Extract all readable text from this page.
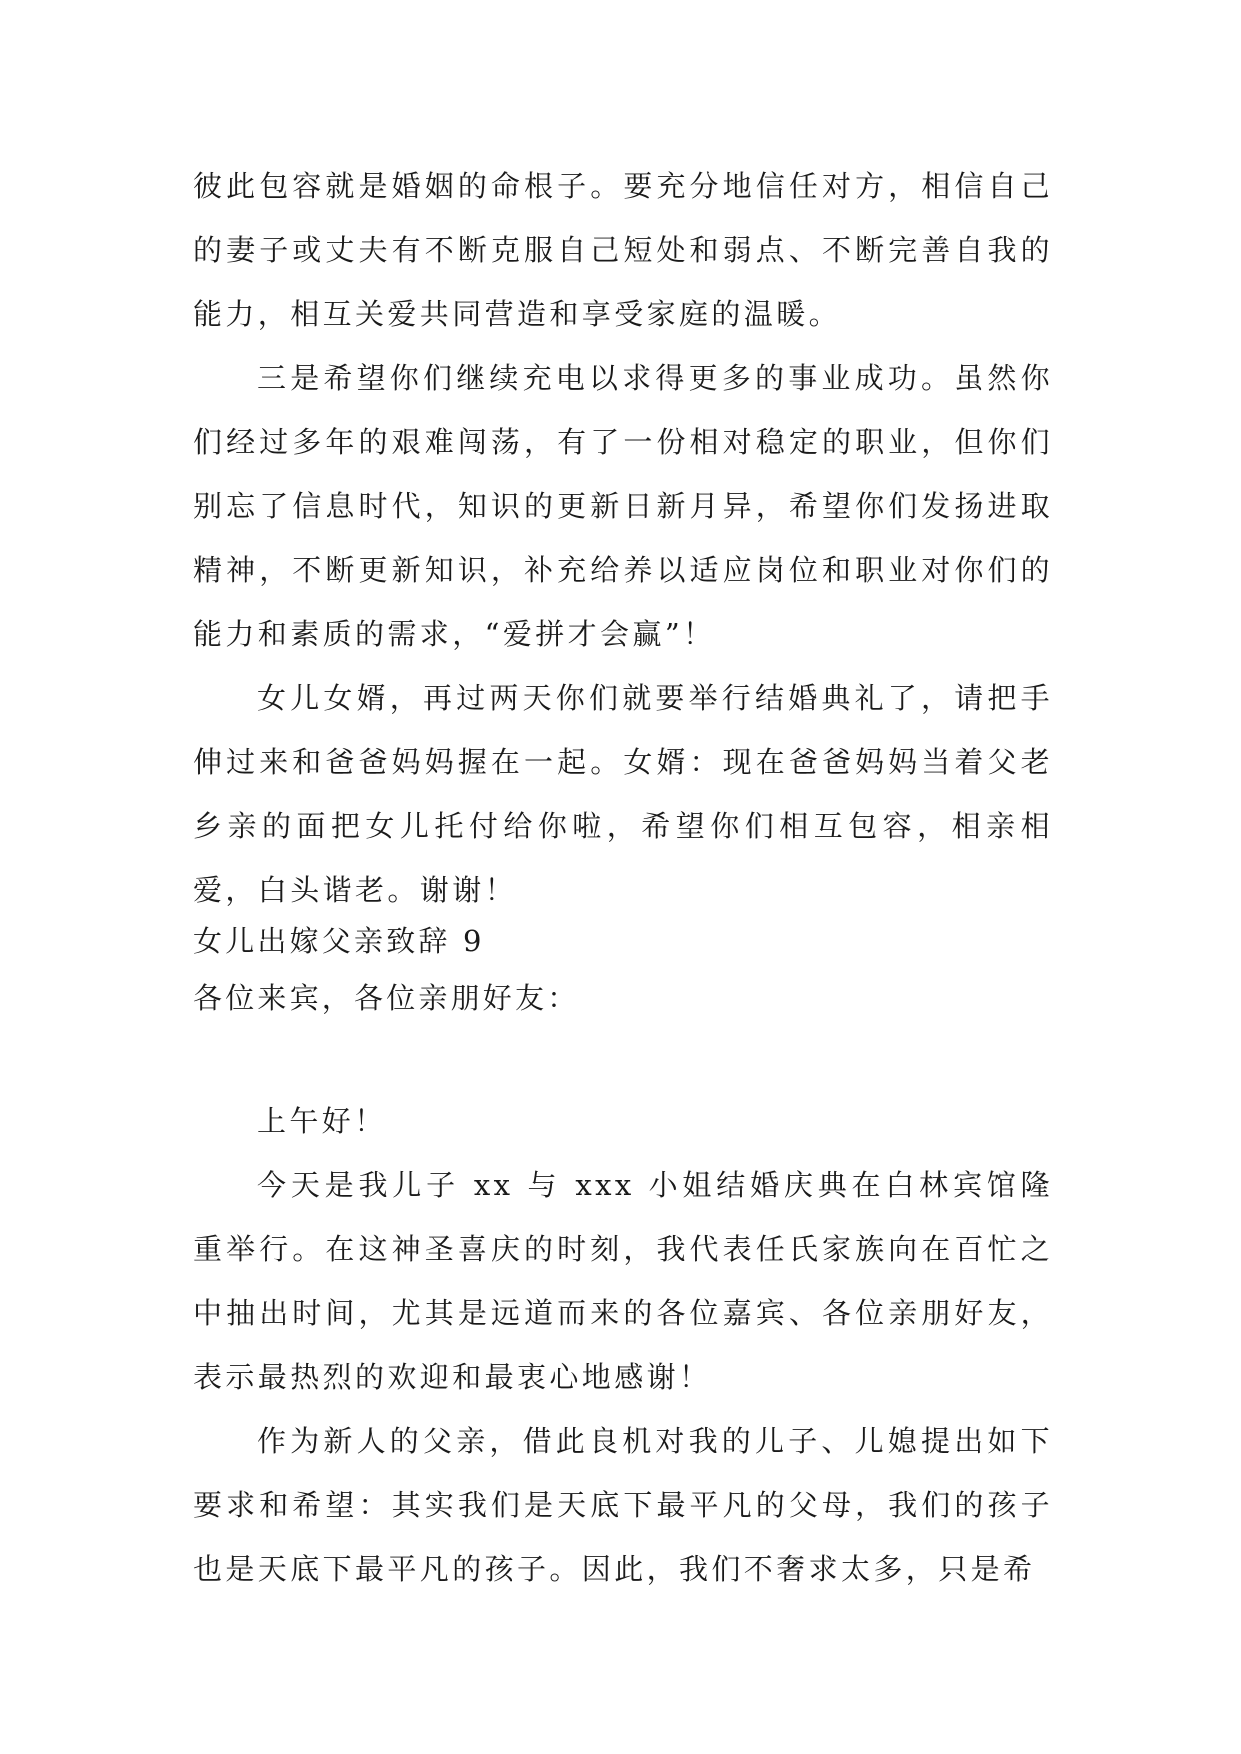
彼此包容就是婚姻的命根子。要充分地信任对方，相信自己的妻子或丈夫有不断克服自己短处和弱点、不断完善自我的能力，相互关爱共同营造和享受家庭的温暖。

三是希望你们继续充电以求得更多的事业成功。虽然你们经过多年的艰难闯荡，有了一份相对稳定的职业，但你们别忘了信息时代，知识的更新日新月异，希望你们发扬进取精神，不断更新知识，补充给养以适应岗位和职业对你们的能力和素质的需求，“爱拼才会赢”！

女儿女婿，再过两天你们就要举行结婚典礼了，请把手伸过来和爸爸妈妈握在一起。女婿：现在爸爸妈妈当着父老乡亲的面把女儿托付给你啦，希望你们相互包容，相亲相爱，白头谐老。谢谢！

女儿出嫁父亲致辞 9

各位来宾，各位亲朋好友：

上午好！

今天是我儿子 xx 与 xxx 小姐结婚庆典在白林宾馆隆重举行。在这神圣喜庆的时刻，我代表任氏家族向在百忙之中抽出时间，尤其是远道而来的各位嘉宾、各位亲朋好友，表示最热烈的欢迎和最衷心地感谢！

作为新人的父亲，借此良机对我的儿子、儿媳提出如下要求和希望：其实我们是天底下最平凡的父母，我们的孩子也是天底下最平凡的孩子。因此，我们不奢求太多，只是希
